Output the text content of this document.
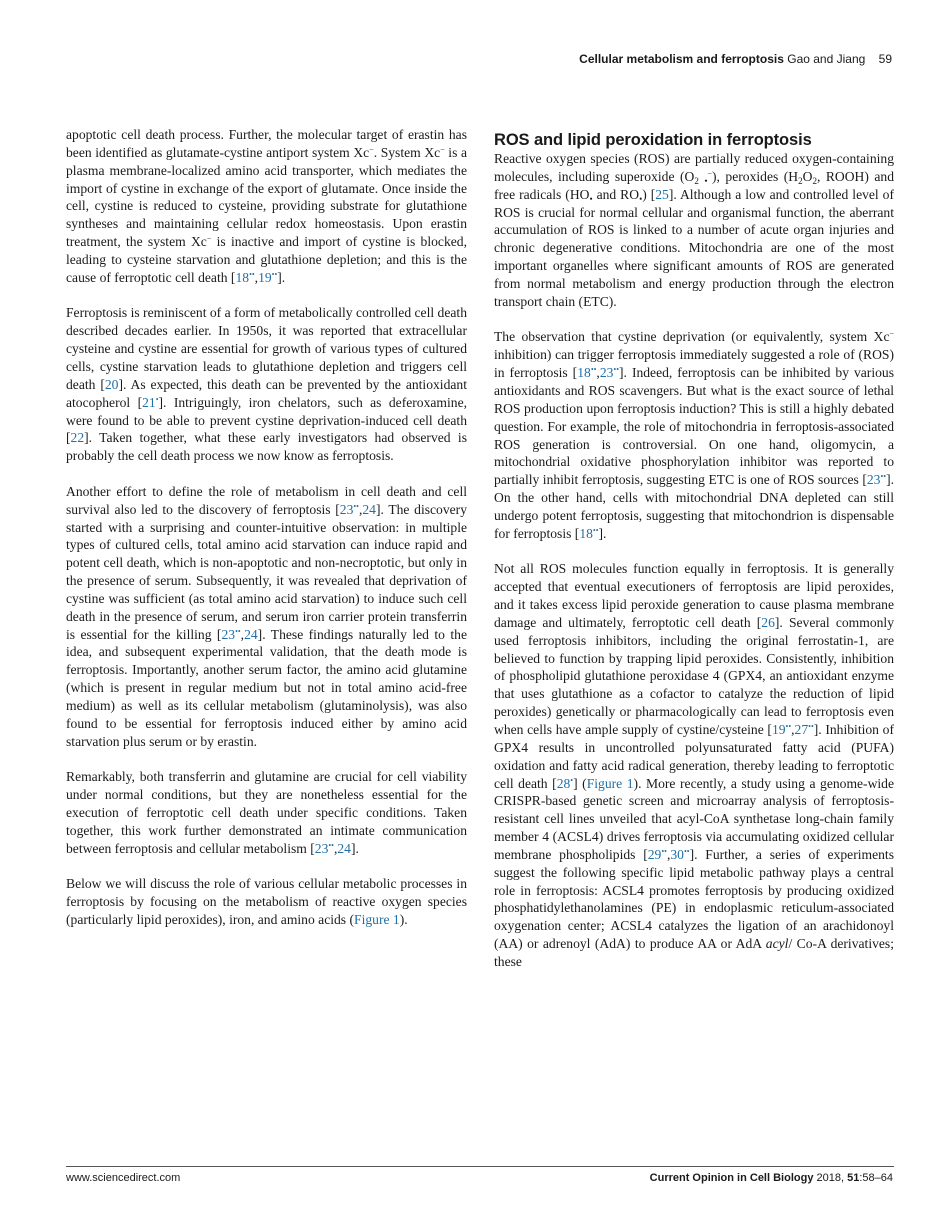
Cellular metabolism and ferroptosis Gao and Jiang 59

apoptotic cell death process. Further, the molecular target of erastin has been identified as glutamate-cystine antiport system Xc−. System Xc− is a plasma membrane-localized amino acid transporter, which mediates the import of cystine in exchange of the export of glutamate. Once inside the cell, cystine is reduced to cysteine, providing substrate for glutathione syntheses and maintaining cellular redox homeostasis. Upon erastin treatment, the system Xc− is inactive and import of cystine is blocked, leading to cysteine starvation and glutathione depletion; and this is the cause of ferroptotic cell death [18••,19••].

Ferroptosis is reminiscent of a form of metabolically controlled cell death described decades earlier. In 1950s, it was reported that extracellular cysteine and cystine are essential for growth of various types of cultured cells, cystine starvation leads to glutathione depletion and triggers cell death [20]. As expected, this death can be prevented by the antioxidant atocopherol [21•]. Intriguingly, iron chelators, such as deferoxamine, were found to be able to prevent cystine deprivation-induced cell death [22]. Taken together, what these early investigators had observed is probably the cell death process we now know as ferroptosis.

Another effort to define the role of metabolism in cell death and cell survival also led to the discovery of ferroptosis [23••,24]. The discovery started with a surprising and counter-intuitive observation: in multiple types of cultured cells, total amino acid starvation can induce rapid and potent cell death, which is non-apoptotic and non-necroptotic, but only in the presence of serum. Subsequently, it was revealed that deprivation of cystine was sufficient (as total amino acid starvation) to induce such cell death in the presence of serum, and serum iron carrier protein transferrin is essential for the killing [23••,24]. These findings naturally led to the idea, and subsequent experimental validation, that the death mode is ferroptosis. Importantly, another serum factor, the amino acid glutamine (which is present in regular medium but not in total amino acid-free medium) as well as its cellular metabolism (glutaminolysis), was also found to be essential for ferroptosis induced either by amino acid starvation plus serum or by erastin.

Remarkably, both transferrin and glutamine are crucial for cell viability under normal conditions, but they are nonetheless essential for the execution of ferroptotic cell death under specific conditions. Taken together, this work further demonstrated an intimate communication between ferroptosis and cellular metabolism [23••,24].

Below we will discuss the role of various cellular metabolic processes in ferroptosis by focusing on the metabolism of reactive oxygen species (particularly lipid peroxides), iron, and amino acids (Figure 1).

ROS and lipid peroxidation in ferroptosis

Reactive oxygen species (ROS) are partially reduced oxygen-containing molecules, including superoxide ($O_2$ $_•$−), peroxides ($H_2O_2$, ROOH) and free radicals ($HO_•$ and $RO_•$) [25]. Although a low and controlled level of ROS is crucial for normal cellular and organismal function, the aberrant accumulation of ROS is linked to a number of acute organ injuries and chronic degenerative conditions. Mitochondria are one of the most important organelles where significant amounts of ROS are generated from normal metabolism and energy production through the electron transport chain (ETC).

The observation that cystine deprivation (or equivalently, system Xc− inhibition) can trigger ferroptosis immediately suggested a role of (ROS) in ferroptosis [18••,23••]. Indeed, ferroptosis can be inhibited by various antioxidants and ROS scavengers. But what is the exact source of lethal ROS production upon ferroptosis induction? This is still a highly debated question. For example, the role of mitochondria in ferroptosis-associated ROS generation is controversial. On one hand, oligomycin, a mitochondrial oxidative phosphorylation inhibitor was reported to partially inhibit ferroptosis, suggesting ETC is one of ROS sources [23••]. On the other hand, cells with mitochondrial DNA depleted can still undergo potent ferroptosis, suggesting that mitochondrion is dispensable for ferroptosis [18••].

Not all ROS molecules function equally in ferroptosis. It is generally accepted that eventual executioners of ferroptosis are lipid peroxides, and it takes excess lipid peroxide generation to cause plasma membrane damage and ultimately, ferroptotic cell death [26]. Several commonly used ferroptosis inhibitors, including the original ferrostatin-1, are believed to function by trapping lipid peroxides. Consistently, inhibition of phospholipid glutathione peroxidase 4 (GPX4, an antioxidant enzyme that uses glutathione as a cofactor to catalyze the reduction of lipid peroxides) genetically or pharmacologically can lead to ferroptosis even when cells have ample supply of cystine/cysteine [19••,27••]. Inhibition of GPX4 results in uncontrolled polyunsaturated fatty acid (PUFA) oxidation and fatty acid radical generation, thereby leading to ferroptotic cell death [28•] (Figure 1). More recently, a study using a genome-wide CRISPR-based genetic screen and microarray analysis of ferroptosis-resistant cell lines unveiled that acyl-CoA synthetase long-chain family member 4 (ACSL4) drives ferroptosis via accumulating oxidized cellular membrane phospholipids [29••,30••]. Further, a series of experiments suggest the following specific lipid metabolic pathway plays a central role in ferroptosis: ACSL4 promotes ferroptosis by producing oxidized phosphatidylethanolamines (PE) in endoplasmic reticulum-associated oxygenation center; ACSL4 catalyzes the ligation of an arachidonoyl (AA) or adrenoyl (AdA) to produce AA or AdA acyl/ Co-A derivatives; these

www.sciencedirect.com	Current Opinion in Cell Biology 2018, 51:58–64
